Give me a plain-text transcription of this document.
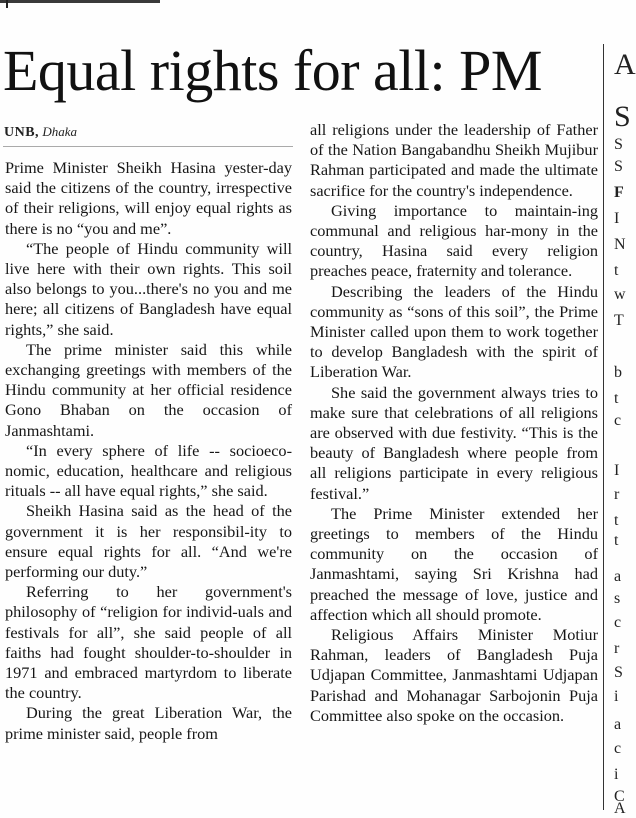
Equal rights for all: PM
UNB, Dhaka

Prime Minister Sheikh Hasina yester-day said the citizens of the country, irrespective of their religions, will enjoy equal rights as there is no “you and me”.

“The people of Hindu community will live here with their own rights. This soil also belongs to you...there's no you and me here; all citizens of Bangladesh have equal rights,” she said.

The prime minister said this while exchanging greetings with members of the Hindu community at her official residence Gono Bhaban on the occasion of Janmashtami.

“In every sphere of life -- socioeco-nomic, education, healthcare and religious rituals -- all have equal rights,” she said.

Sheikh Hasina said as the head of the government it is her responsibil-ity to ensure equal rights for all. “And we're performing our duty.”

Referring to her government's philosophy of “religion for individ-uals and festivals for all”, she said people of all faiths had fought shoulder-to-shoulder in 1971 and embraced martyrdom to liberate the country.

During the great Liberation War, the prime minister said, people from

all religions under the leadership of Father of the Nation Bangabandhu Sheikh Mujibur Rahman participated and made the ultimate sacrifice for the country's independence.

Giving importance to maintain-ing communal and religious har-mony in the country, Hasina said every religion preaches peace, fraternity and tolerance.

Describing the leaders of the Hindu community as “sons of this soil”, the Prime Minister called upon them to work together to develop Bangladesh with the spirit of Liberation War.

She said the government always tries to make sure that celebrations of all religions are observed with due festivity. “This is the beauty of Bangladesh where people from all religions participate in every religious festival.”

The Prime Minister extended her greetings to members of the Hindu community on the occasion of Janmashtami, saying Sri Krishna had preached the message of love, justice and affection which all should promote.

Religious Affairs Minister Motiur Rahman, leaders of Bangladesh Puja Udjapan Committee, Janmashtami Udjapan Parishad and Mohanagar Sarbojonin Puja Committee also spoke on the occasion.

A
S
S
S
F
I
N
t
w
T
b
t
c
I
r
t
t
a
s
c
r
S
i
a
c
i
C
A
